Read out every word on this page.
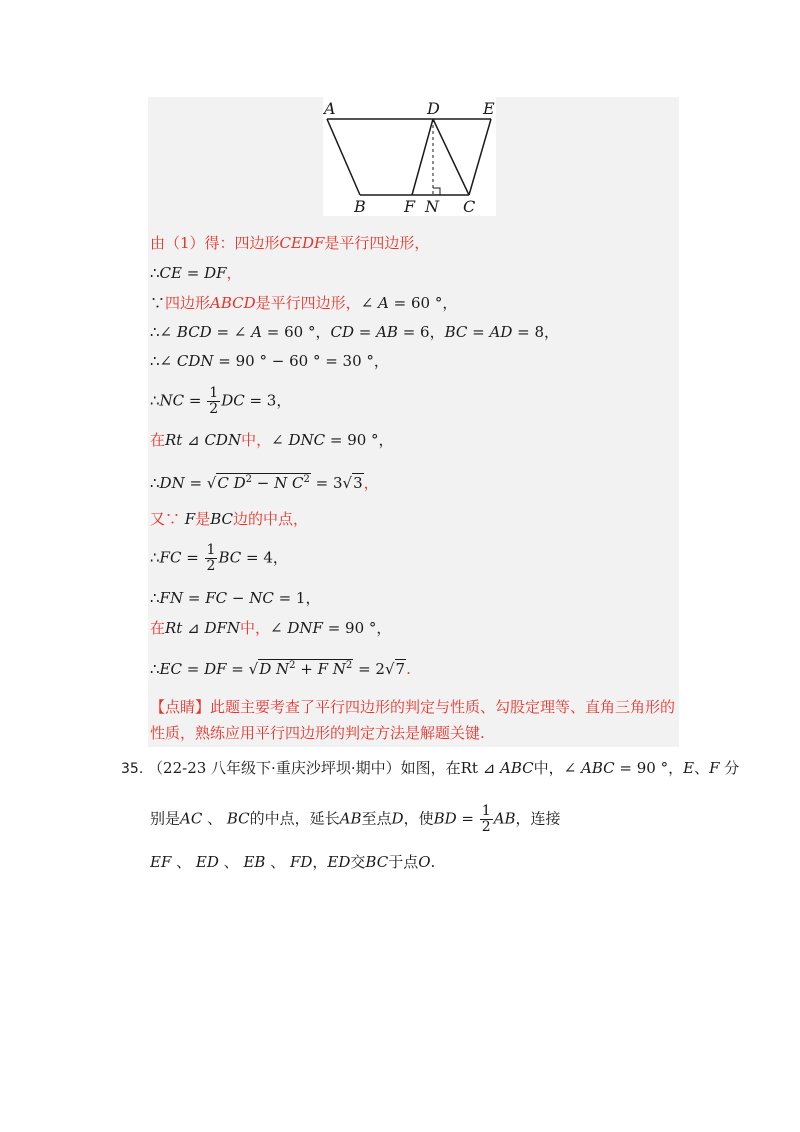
A	D	E
B F N C
由（1）得：四边形CEDF是平行四边形，
∴CE = DF，
∵四边形ABCD是平行四边形，∠ A = 60 °，
∴∠ BCD = ∠ A = 60 °，CD = AB = 6，BC = AD = 8，
∴∠ CDN = 90 ° − 60 ° = 30 °，
∴NC = $\frac{1}{2}$ DC = 3，
在Rt ⊿ CDN中，∠ DNC = 90 °，
∴DN = √C $D^2 - N$ $C^2 = 3√3$，
又∵ F是BC边的中点，
∴FC = $\frac{1}{2}$ BC = 4，
∴FN = FC − NC = 1，
在Rt ⊿ DFN中，∠ DNF = 90 °，
∴EC = DF = √D $N^2 + F$ $N^2 = 2√7$.
【点睛】此题主要考查了平行四边形的判定与性质、勾股定理等、直角三角形的性质，熟练应用平行四边形的判定方法是解题关键.
35. （22-23 八年级下·重庆沙坪坝·期中）如图，在Rt ⊿ ABC中，∠ ABC = 90 °，E、F 分
别是AC 、 BC的中点，延长AB至点D，使BD = $\frac{1}{2}$ AB，连接
EF 、 ED 、 EB 、 FD，ED交BC于点O.
